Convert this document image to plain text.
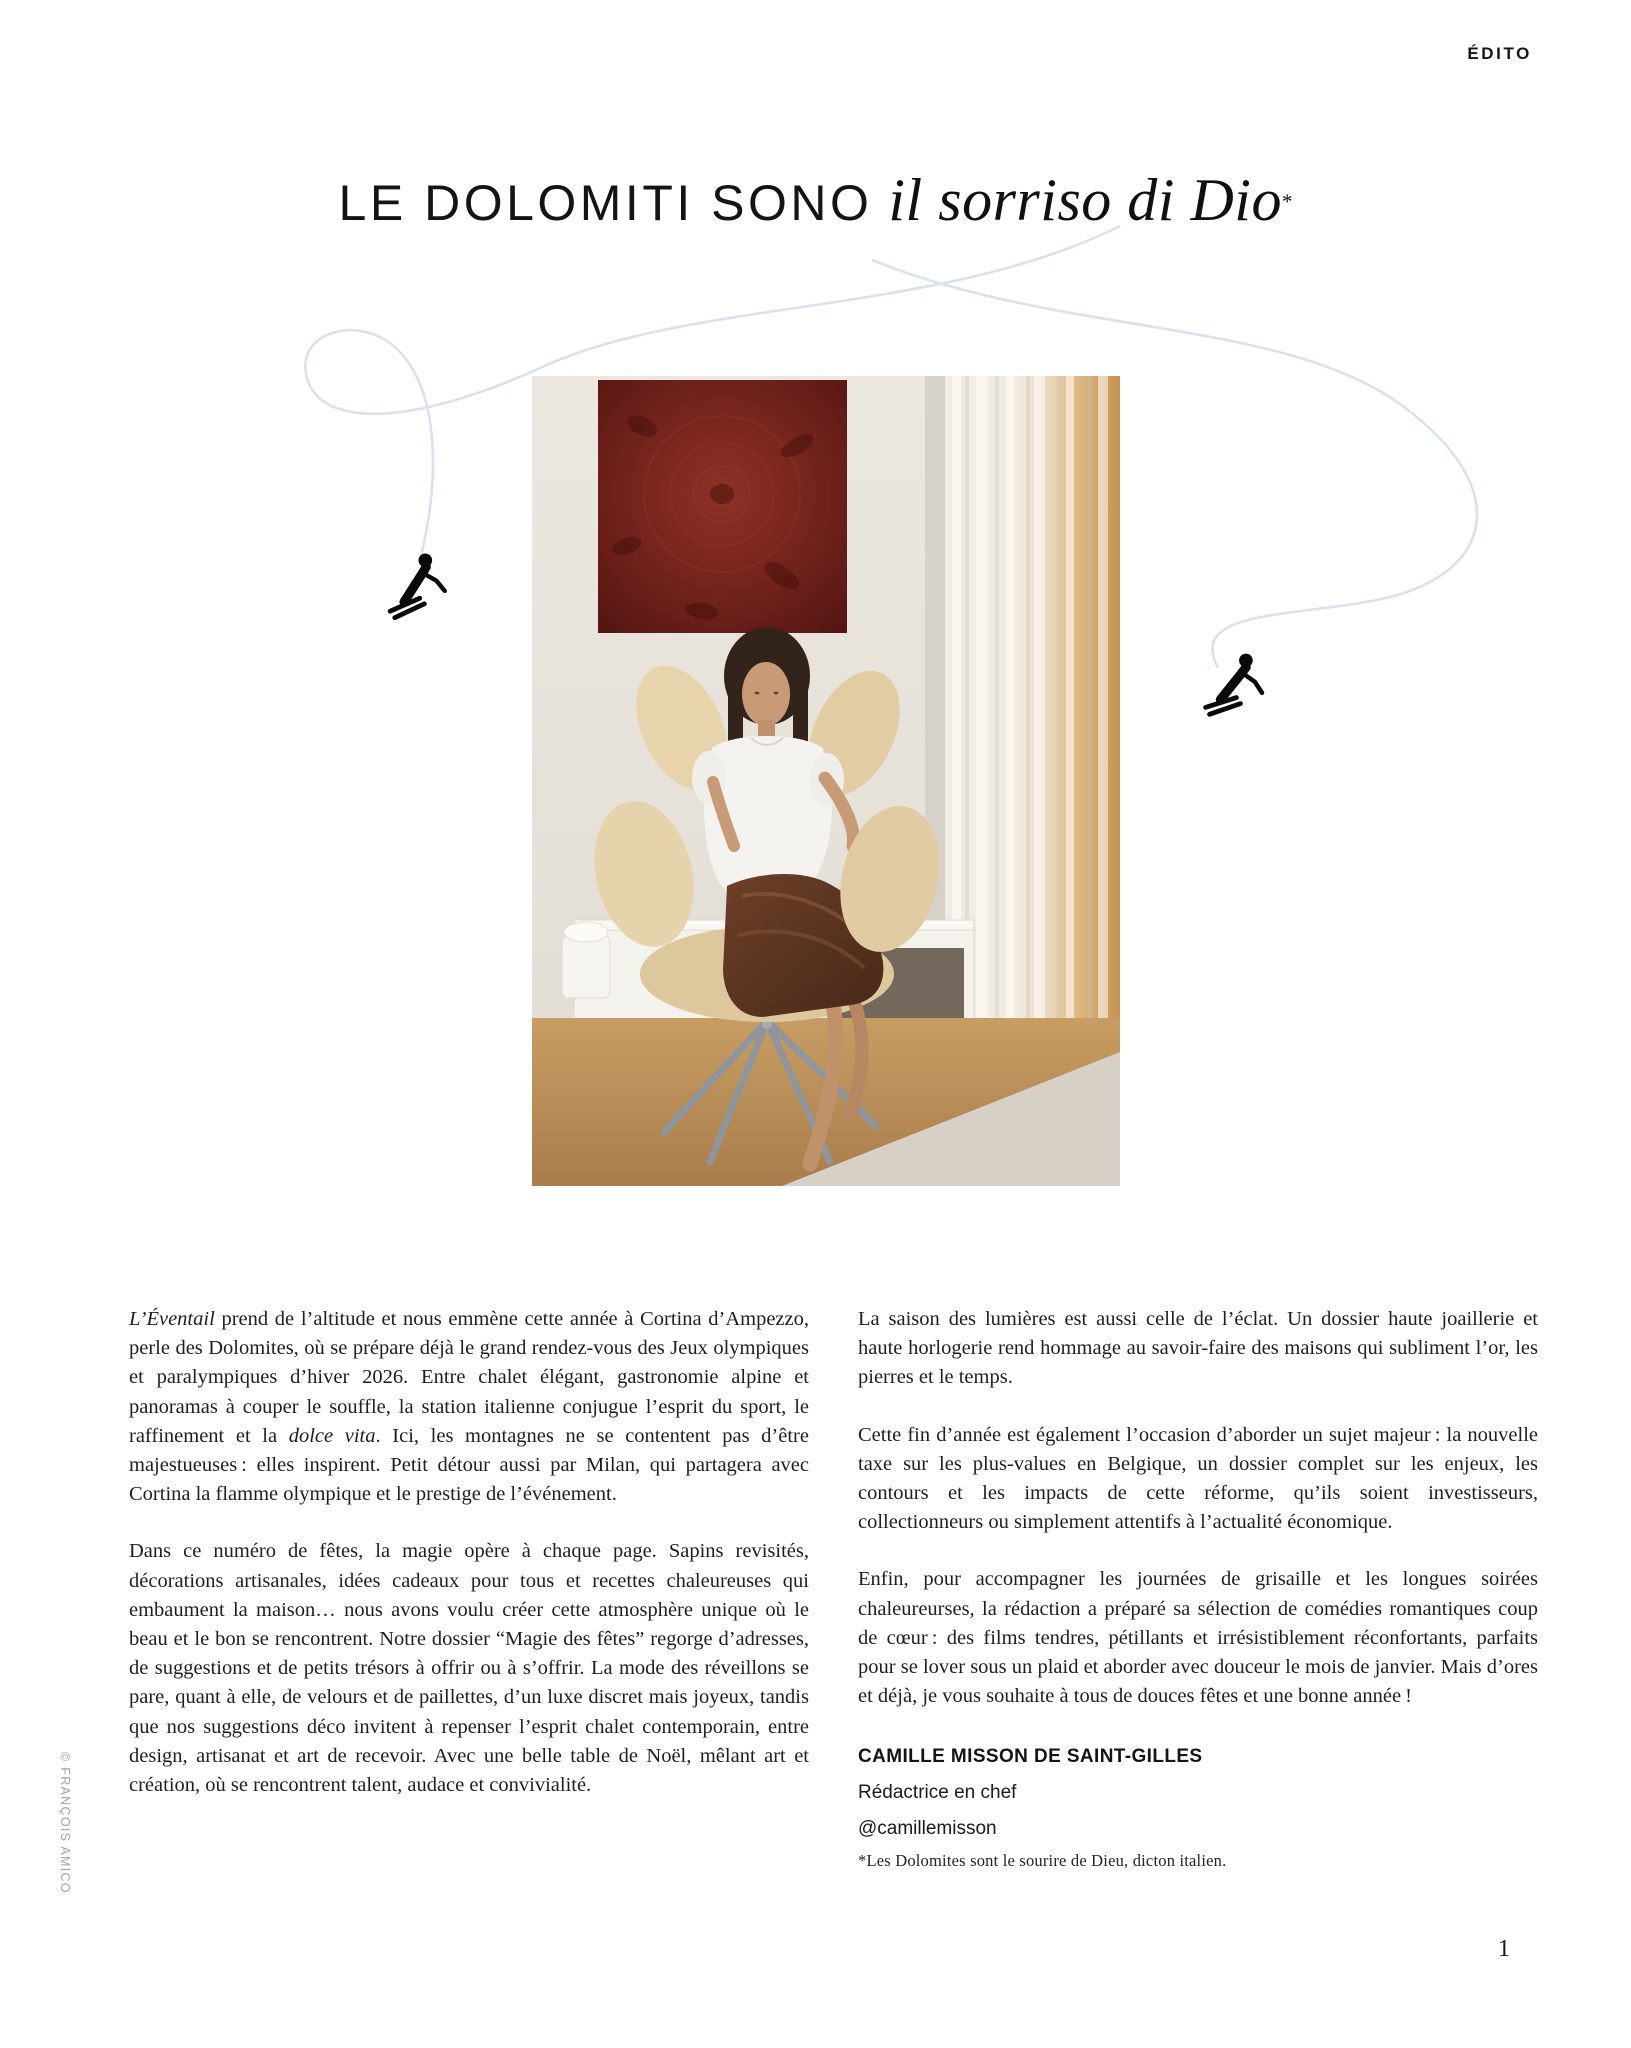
ÉDITO
LE DOLOMITI SONO il sorriso di Dio*

L’Éventail prend de l’altitude et nous emmène cette année à Cortina d’Ampezzo, perle des Dolomites, où se prépare déjà le grand rendez-vous des Jeux olympiques et paralympiques d’hiver 2026. Entre chalet élégant, gastronomie alpine et panoramas à couper le souffle, la station italienne conjugue l’esprit du sport, le raffinement et la dolce vita. Ici, les montagnes ne se contentent pas d’être majestueuses : elles inspirent. Petit détour aussi par Milan, qui partagera avec Cortina la flamme olympique et le prestige de l’événement.

Dans ce numéro de fêtes, la magie opère à chaque page. Sapins revisités, décorations artisanales, idées cadeaux pour tous et recettes chaleureuses qui embaument la maison… nous avons voulu créer cette atmosphère unique où le beau et le bon se rencontrent. Notre dossier “Magie des fêtes” regorge d’adresses, de suggestions et de petits trésors à offrir ou à s’offrir. La mode des réveillons se pare, quant à elle, de velours et de paillettes, d’un luxe discret mais joyeux, tandis que nos suggestions déco invitent à repenser l’esprit chalet contemporain, entre design, artisanat et art de recevoir. Avec une belle table de Noël, mêlant art et création, où se rencontrent talent, audace et convivialité.

La saison des lumières est aussi celle de l’éclat. Un dossier haute joaillerie et haute horlogerie rend hommage au savoir-faire des maisons qui subliment l’or, les pierres et le temps.

Cette fin d’année est également l’occasion d’aborder un sujet majeur : la nouvelle taxe sur les plus-values en Belgique, un dossier complet sur les enjeux, les contours et les impacts de cette réforme, qu’ils soient investisseurs, collectionneurs ou simplement attentifs à l’actualité économique.

Enfin, pour accompagner les journées de grisaille et les longues soirées chaleureurses, la rédaction a préparé sa sélection de comédies romantiques coup de cœur : des films tendres, pétillants et irrésistiblement réconfortants, parfaits pour se lover sous un plaid et aborder avec douceur le mois de janvier. Mais d’ores et déjà, je vous souhaite à tous de douces fêtes et une bonne année !

CAMILLE MISSON DE SAINT-GILLES
Rédactrice en chef
@camillemisson
*Les Dolomites sont le sourire de Dieu, dicton italien.
© FRANÇOIS AMICO
1
